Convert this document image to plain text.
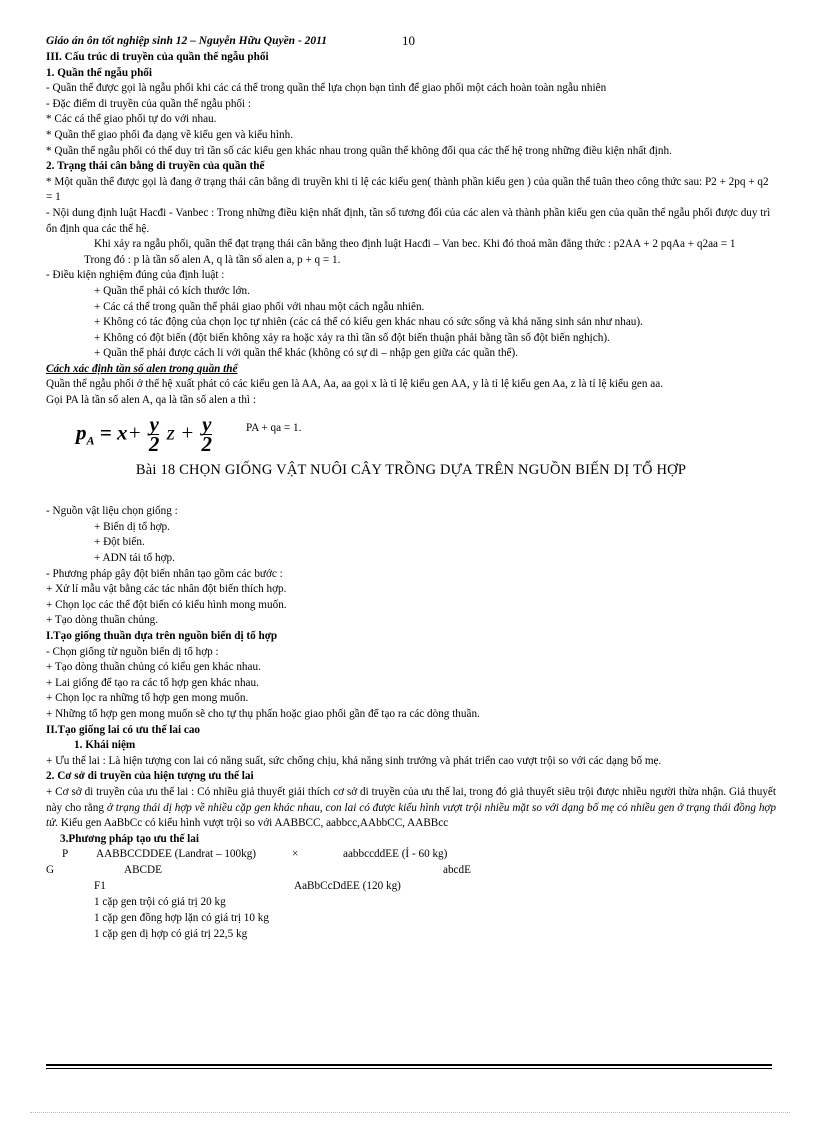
Giáo án ôn tốt nghiệp sinh 12 – Nguyễn Hữu Quyền - 2011	10
III. Cấu trúc di truyền của quần thể ngẫu phối
1. Quần thể ngẫu phối
- Quần thể được gọi là ngẫu phối khi các cá thể trong quần thể lựa chọn bạn tình để giao phối một cách hoàn toàn ngẫu nhiên
- Đặc điểm di truyền của quần thể ngẫu phối :
* Các cá thể giao phối tự do với nhau.
* Quần thể giao phối đa dạng về kiểu gen và kiểu hình.
* Quần thể ngẫu phối có thể duy trì tần số các kiểu gen khác nhau trong quần thể không đổi qua các thế hệ trong những điều kiện nhất định.
2. Trạng thái cân bằng di truyền của quần thể
* Một quần thể được gọi là đang ở trạng thái cân bằng di truyền khi tỉ lệ các kiểu gen( thành phần kiểu gen ) của quần thể tuân theo công thức sau: P2 + 2pq + q2 = 1
- Nội dung định luật Hacđi - Vanbec : Trong những điều kiện nhất định, tần số tương đối của các alen và thành phần kiểu gen của quần thể ngẫu phối được duy trì ổn định qua các thế hệ.
Khi xảy ra ngẫu phối, quần thể đạt trạng thái cân bằng theo định luật Hacđi – Van bec. Khi đó thoả mãn đẳng thức : p2AA + 2 pqAa + q2aa = 1
Trong đó : p là tần số alen A, q là tần số alen a, p + q = 1.
- Điều kiện nghiệm đúng của định luật :
+ Quần thể phải có kích thước lớn.
+ Các cá thể trong quần thể phải giao phối với nhau một cách ngẫu nhiên.
+ Không có tác động của chọn lọc tự nhiên (các cá thể có kiểu gen khác nhau có sức sống và khả năng sinh sản như nhau).
+ Không có đột biến (đột biến không xảy ra hoặc xảy ra thì tần số đột biến thuận phải bằng tần số đột biến nghịch).
+ Quần thể phải được cách li với quần thể khác (không có sự di – nhập gen giữa các quần thể).
Cách xác định tần số alen trong quần thể
Quần thể ngẫu phối ở thế hệ xuất phát có các kiểu gen là AA, Aa, aa gọi x là tỉ lệ kiểu gen AA, y là tỉ lệ kiểu gen Aa, z là tỉ lệ kiểu gen aa.
Gọi PA là tần số alen A, qa là tần số alen a thì :
$p_A = x+ \frac{y}{2}$ $z + \frac{y}{2}$	PA + qa = 1.
Bài 18 CHỌN GIỐNG VẬT NUÔI CÂY TRỒNG DỰA TRÊN NGUỒN BIẾN DỊ TỔ HỢP
- Nguồn vật liệu chọn giống :
+ Biến dị tổ hợp.
+ Đột biến.
+ ADN tái tổ hợp.
- Phương pháp gây đột biến nhân tạo gồm các bước :
+ Xử lí mẫu vật bằng các tác nhân đột biến thích hợp.
+ Chọn lọc các thể đột biến có kiểu hình mong muốn.
+ Tạo dòng thuần chủng.
I.Tạo giống thuần dựa trên nguồn biến dị tổ hợp
- Chọn giống từ nguồn biến dị tổ hợp :
+ Tạo dòng thuần chủng có kiểu gen khác nhau.
+ Lai giống để tạo ra các tổ hợp gen khác nhau.
+ Chọn lọc ra những tổ hợp gen mong muốn.
+ Những tổ hợp gen mong muốn sẽ cho tự thụ phấn hoặc giao phối gần để tạo ra các dòng thuần.
II.Tạo giống lai có ưu thế lai cao
1. Khái niệm
+ Ưu thế lai : Là hiện tượng con lai có năng suất, sức chống chịu, khả năng sinh trưởng và phát triển cao vượt trội so với các dạng bố mẹ.
2. Cơ sở di truyền của hiện tượng ưu thế lai
+ Cơ sở di truyền của ưu thế lai : Có nhiều giả thuyết giải thích cơ sở di truyền của ưu thế lai, trong đó giả thuyết siêu trội được nhiều người thừa nhận. Giả thuyết này cho rằng ở trạng thái dị hợp về nhiều cặp gen khác nhau, con lai có được kiểu hình vượt trội nhiều mặt so với dạng bố mẹ có nhiều gen ở trạng thái đồng hợp tử. Kiểu gen AaBbCc có kiểu hình vượt trội so với AABBCC, aabbcc,AAbbCC, AABBcc
3.Phương pháp tạo ưu thế lai
P AABBCCDDEE (Landrat – 100kg)	×	aabbccddEE (Ỉ - 60 kg)
G	ABCDE	abcdE
F1	AaBbCcDdEE (120 kg)
1 cặp gen trội có giá trị 20 kg
1 cặp gen đồng hợp lặn có giá trị 10 kg
1 cặp gen dị hợp có giá trị 22,5 kg
